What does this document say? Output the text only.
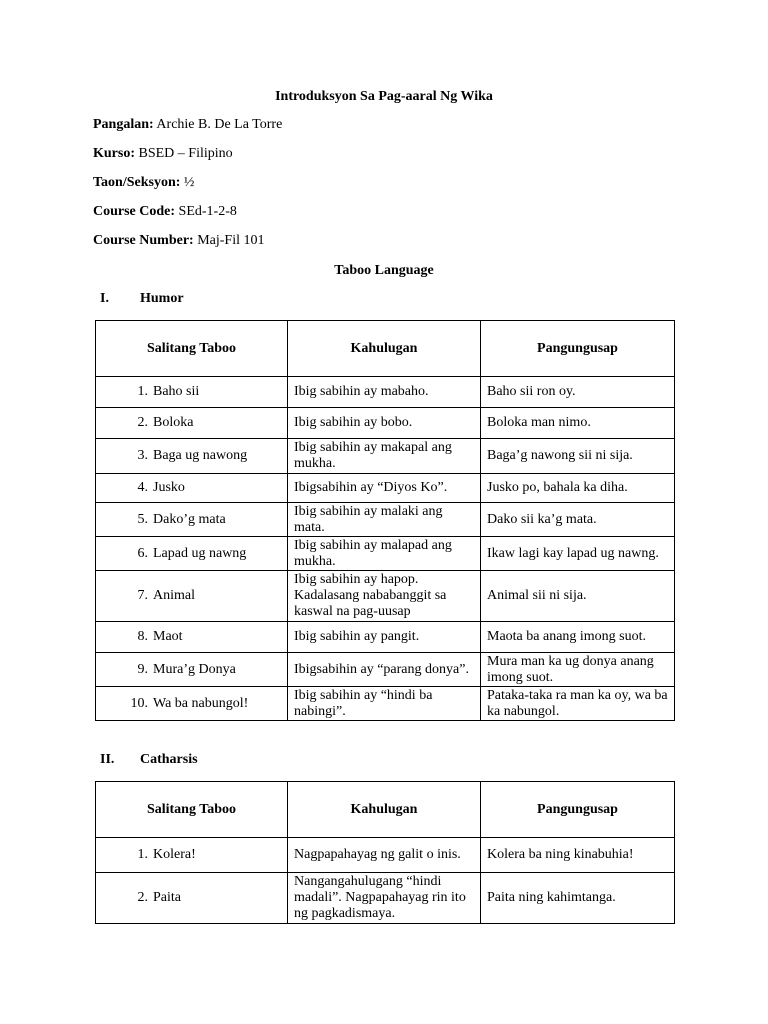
Introduksyon Sa Pag-aaral Ng Wika
Pangalan: Archie B. De La Torre
Kurso: BSED – Filipino
Taon/Seksyon: ½
Course Code: SEd-1-2-8
Course Number: Maj-Fil 101
Taboo Language
I. Humor
Salitang Taboo	Kahulugan	Pangungusap
1. Baho sii	Ibig sabihin ay mabaho.	Baho sii ron oy.
2. Boloka	Ibig sabihin ay bobo.	Boloka man nimo.
3. Baga ug nawong	Ibig sabihin ay makapal ang mukha.	Baga’g nawong sii ni sija.
4. Jusko	Ibigsabihin ay “Diyos Ko”.	Jusko po, bahala ka diha.
5. Dako’g mata	Ibig sabihin ay malaki ang mata.	Dako sii ka’g mata.
6. Lapad ug nawng	Ibig sabihin ay malapad ang mukha.	Ikaw lagi kay lapad ug nawng.
7. Animal	Ibig sabihin ay hapop. Kadalasang nababanggit sa kaswal na pag-uusap	Animal sii ni sija.
8. Maot	Ibig sabihin ay pangit.	Maota ba anang imong suot.
9. Mura’g Donya	Ibigsabihin ay “parang donya”.	Mura man ka ug donya anang imong suot.
10. Wa ba nabungol!	Ibig sabihin ay “hindi ba nabingi”.	Pataka-taka ra man ka oy, wa ba ka nabungol.
II. Catharsis
Salitang Taboo	Kahulugan	Pangungusap
1. Kolera!	Nagpapahayag ng galit o inis.	Kolera ba ning kinabuhia!
2. Paita	Nangangahulugang “hindi madali”. Nagpapahayag rin ito ng pagkadismaya.	Paita ning kahimtanga.
